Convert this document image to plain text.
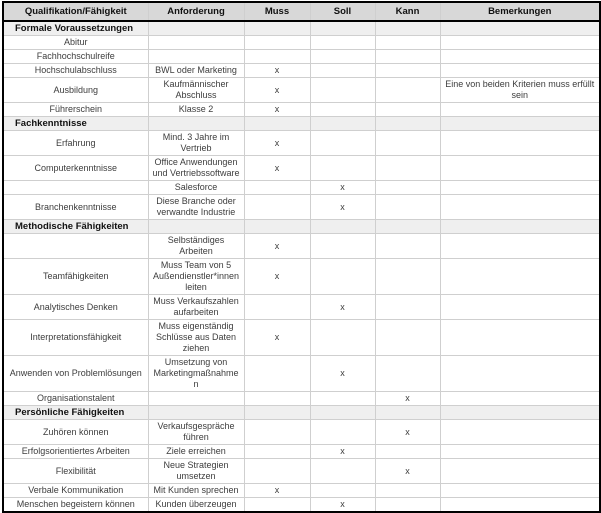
Qualifikation/Fähigkeit	Anforderung	Muss	Soll	Kann	Bemerkungen
Formale Voraussetzungen					
Abitur					
Fachhochschulreife					
Hochschulabschluss	BWL oder Marketing	x			
Ausbildung	Kaufmännischer Abschluss	x			Eine von beiden Kriterien muss erfüllt sein
Führerschein	Klasse 2	x			
Fachkenntnisse					
Erfahrung	Mind. 3 Jahre im Vertrieb	x			
Computerkenntnisse	Office Anwendungen und Vertriebssoftware	x			
	Salesforce		x		
Branchenkenntnisse	Diese Branche oder verwandte Industrie		x		
Methodische Fähigkeiten					
	Selbständiges Arbeiten	x			
Teamfähigkeiten	Muss Team von 5 Außendienstler*innen leiten	x			
Analytisches Denken	Muss Verkaufszahlen aufarbeiten		x		
Interpretationsfähigkeit	Muss eigenständig Schlüsse aus Daten ziehen	x			
Anwenden von Problemlösungen	Umsetzung von Marketingmaßnahmen		x		
Organisationstalent				x	
Persönliche Fähigkeiten					
Zuhören können	Verkaufsgespräche führen			x	
Erfolgsorientiertes Arbeiten	Ziele erreichen		x		
Flexibilität	Neue Strategien umsetzen			x	
Verbale Kommunikation	Mit Kunden sprechen	x			
Menschen begeistern können	Kunden überzeugen		x		
